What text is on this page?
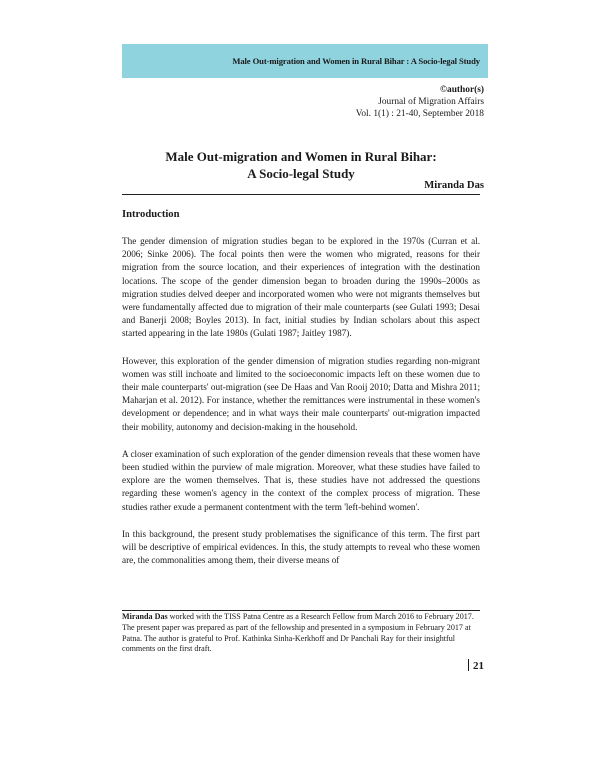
Male Out-migration and Women in Rural Bihar : A Socio-legal Study
©author(s)
Journal of Migration Affairs
Vol. 1(1) : 21-40, September 2018
Male Out-migration and Women in Rural Bihar:
A Socio-legal Study
Miranda Das
Introduction

The gender dimension of migration studies began to be explored in the 1970s (Curran et al. 2006; Sinke 2006). The focal points then were the women who migrated, reasons for their migration from the source location, and their experiences of integration with the destination locations. The scope of the gender dimension began to broaden during the 1990s–2000s as migration studies delved deeper and incorporated women who were not migrants themselves but were fundamentally affected due to migration of their male counterparts (see Gulati 1993; Desai and Banerji 2008; Boyles 2013). In fact, initial studies by Indian scholars about this aspect started appearing in the late 1980s (Gulati 1987; Jaitley 1987).

However, this exploration of the gender dimension of migration studies regarding non-migrant women was still inchoate and limited to the socioeconomic impacts left on these women due to their male counterparts' out-migration (see De Haas and Van Rooij 2010; Datta and Mishra 2011; Maharjan et al. 2012). For instance, whether the remittances were instrumental in these women's development or dependence; and in what ways their male counterparts' out-migration impacted their mobility, autonomy and decision-making in the household.

A closer examination of such exploration of the gender dimension reveals that these women have been studied within the purview of male migration. Moreover, what these studies have failed to explore are the women themselves. That is, these studies have not addressed the questions regarding these women's agency in the context of the complex process of migration. These studies rather exude a permanent contentment with the term 'left-behind women'.

In this background, the present study problematises the significance of this term. The first part will be descriptive of empirical evidences. In this, the study attempts to reveal who these women are, the commonalities among them, their diverse means of

Miranda Das worked with the TISS Patna Centre as a Research Fellow from March 2016 to February 2017. The present paper was prepared as part of the fellowship and presented in a symposium in February 2017 at Patna. The author is grateful to Prof. Kathinka Sinha-Kerkhoff and Dr Panchali Ray for their insightful comments on the first draft.
21
